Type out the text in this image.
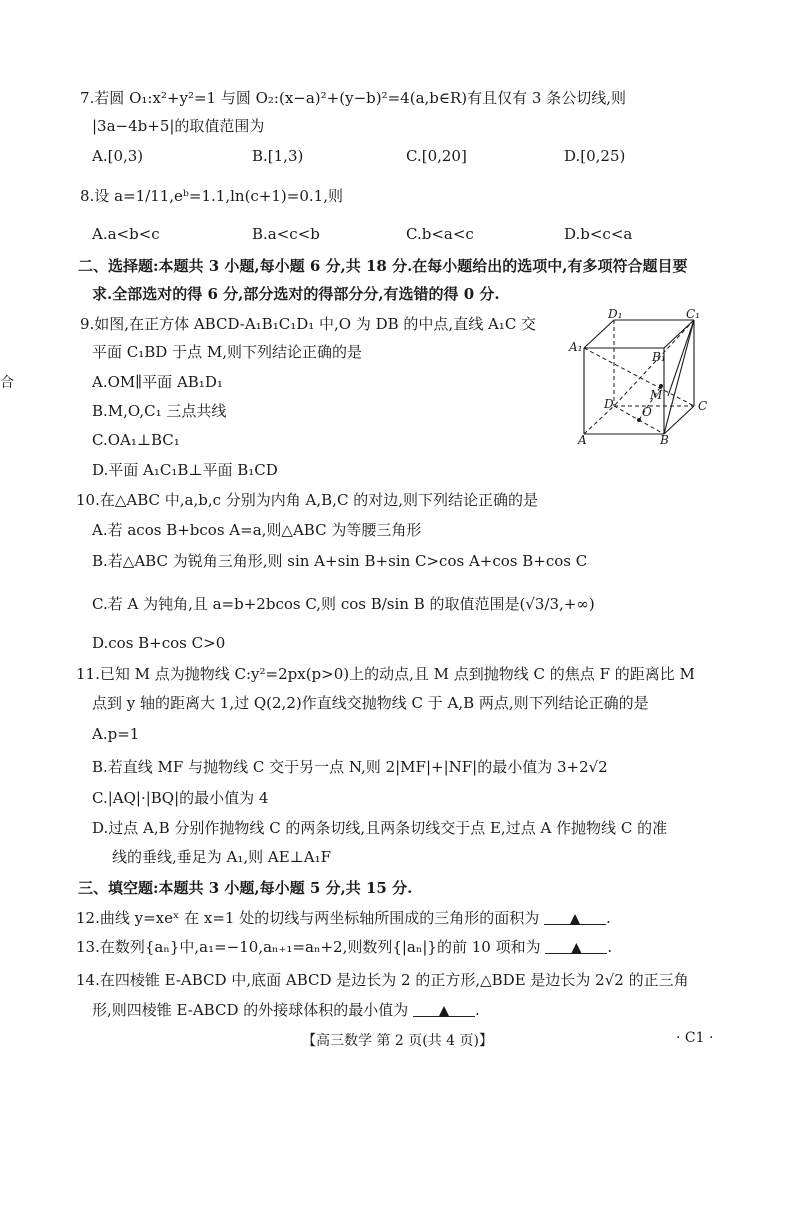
合
7.若圆 O₁:x²+y²=1 与圆 O₂:(x−a)²+(y−b)²=4(a,b∈R)有且仅有 3 条公切线,则
|3a−4b+5|的取值范围为
A.[0,3)	B.[1,3)	C.[0,20]	D.[0,25)
8.设 a=1/11,eᵇ=1.1,ln(c+1)=0.1,则
A.a<b<c	B.a<c<b	C.b<a<c	D.b<c<a
二、选择题:本题共 3 小题,每小题 6 分,共 18 分.在每小题给出的选项中,有多项符合题目要
求.全部选对的得 6 分,部分选对的得部分分,有选错的得 0 分.
9.如图,在正方体 ABCD-A₁B₁C₁D₁ 中,O 为 DB 的中点,直线 A₁C 交
平面 C₁BD 于点 M,则下列结论正确的是
A.OM∥平面 AB₁D₁
B.M,O,C₁ 三点共线
C.OA₁⊥BC₁
D.平面 A₁C₁B⊥平面 B₁CD
D₁	C₁
A₁
B₁
M
D
O	C
A	B
10.在△ABC 中,a,b,c 分别为内角 A,B,C 的对边,则下列结论正确的是
A.若 acos B+bcos A=a,则△ABC 为等腰三角形
B.若△ABC 为锐角三角形,则 sin A+sin B+sin C>cos A+cos B+cos C
C.若 A 为钝角,且 a=b+2bcos C,则 cos B/sin B 的取值范围是(√3/3,+∞)
D.cos B+cos C>0
11.已知 M 点为抛物线 C:y²=2px(p>0)上的动点,且 M 点到抛物线 C 的焦点 F 的距离比 M
点到 y 轴的距离大 1,过 Q(2,2)作直线交抛物线 C 于 A,B 两点,则下列结论正确的是
A.p=1
B.若直线 MF 与抛物线 C 交于另一点 N,则 2|MF|+|NF|的最小值为 3+2√2
C.|AQ|·|BQ|的最小值为 4
D.过点 A,B 分别作抛物线 C 的两条切线,且两条切线交于点 E,过点 A 作抛物线 C 的准
线的垂线,垂足为 A₁,则 AE⊥A₁F
三、填空题:本题共 3 小题,每小题 5 分,共 15 分.
12.曲线 y=xeˣ 在 x=1 处的切线与两坐标轴所围成的三角形的面积为 ▲ .
13.在数列{aₙ}中,a₁=−10,aₙ₊₁=aₙ+2,则数列{|aₙ|}的前 10 项和为 ▲ .
14.在四棱锥 E-ABCD 中,底面 ABCD 是边长为 2 的正方形,△BDE 是边长为 2√2 的正三角
形,则四棱锥 E-ABCD 的外接球体积的最小值为 ▲ .
【高三数学 第 2 页(共 4 页)】	· C1 ·
